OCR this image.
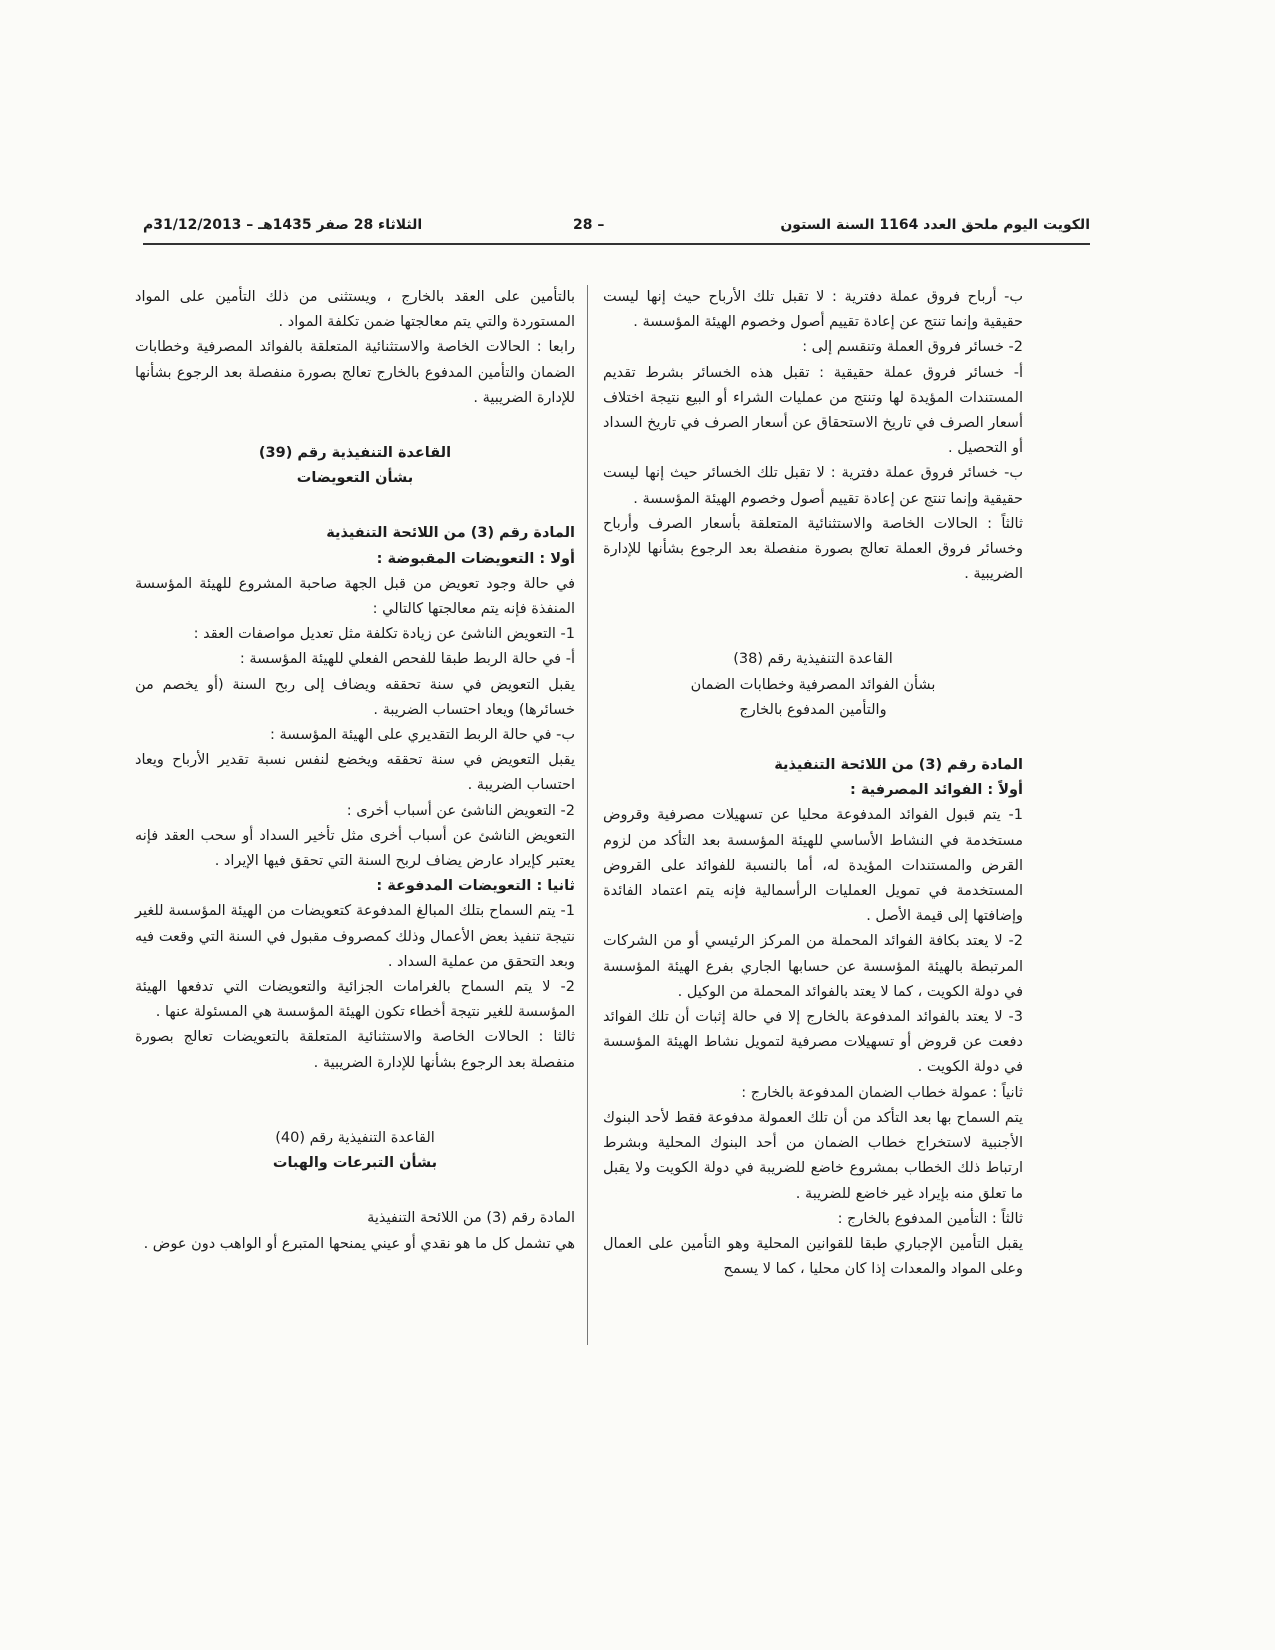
الكويت اليوم ملحق العدد 1164 السنة الستون
– 28
الثلاثاء 28 صفر 1435هـ – 31/12/2013م

ب- أرباح فروق عملة دفترية : لا تقبل تلك الأرباح حيث إنها ليست حقيقية وإنما تنتج عن إعادة تقييم أصول وخصوم الهيئة المؤسسة .

2- خسائر فروق العملة وتنقسم إلى :

أ- خسائر فروق عملة حقيقية : تقبل هذه الخسائر بشرط تقديم المستندات المؤيدة لها وتنتج من عمليات الشراء أو البيع نتيجة اختلاف أسعار الصرف في تاريخ الاستحقاق عن أسعار الصرف في تاريخ السداد أو التحصيل .

ب- خسائر فروق عملة دفترية : لا تقبل تلك الخسائر حيث إنها ليست حقيقية وإنما تنتج عن إعادة تقييم أصول وخصوم الهيئة المؤسسة .

ثالثاً : الحالات الخاصة والاستثنائية المتعلقة بأسعار الصرف وأرباح وخسائر فروق العملة تعالج بصورة منفصلة بعد الرجوع بشأنها للإدارة الضريبية .

القاعدة التنفيذية رقم (38)

بشأن الفوائد المصرفية وخطابات الضمان

والتأمين المدفوع بالخارج

المادة رقم (3) من اللائحة التنفيذية

أولاً : الفوائد المصرفية :

1- يتم قبول الفوائد المدفوعة محليا عن تسهيلات مصرفية وقروض مستخدمة في النشاط الأساسي للهيئة المؤسسة بعد التأكد من لزوم القرض والمستندات المؤيدة له، أما بالنسبة للفوائد على القروض المستخدمة في تمويل العمليات الرأسمالية فإنه يتم اعتماد الفائدة وإضافتها إلى قيمة الأصل .

2- لا يعتد بكافة الفوائد المحملة من المركز الرئيسي أو من الشركات المرتبطة بالهيئة المؤسسة عن حسابها الجاري بفرع الهيئة المؤسسة في دولة الكويت ، كما لا يعتد بالفوائد المحملة من الوكيل .

3- لا يعتد بالفوائد المدفوعة بالخارج إلا في حالة إثبات أن تلك الفوائد دفعت عن قروض أو تسهيلات مصرفية لتمويل نشاط الهيئة المؤسسة في دولة الكويت .

ثانياً : عمولة خطاب الضمان المدفوعة بالخارج :

يتم السماح بها بعد التأكد من أن تلك العمولة مدفوعة فقط لأحد البنوك الأجنبية لاستخراج خطاب الضمان من أحد البنوك المحلية وبشرط ارتباط ذلك الخطاب بمشروع خاضع للضريبة في دولة الكويت ولا يقبل ما تعلق منه بإيراد غير خاضع للضريبة .

ثالثاً : التأمين المدفوع بالخارج :

يقبل التأمين الإجباري طبقا للقوانين المحلية وهو التأمين على العمال وعلى المواد والمعدات إذا كان محليا ، كما لا يسمح

بالتأمين على العقد بالخارج ، ويستثنى من ذلك التأمين على المواد المستوردة والتي يتم معالجتها ضمن تكلفة المواد .

رابعا : الحالات الخاصة والاستثنائية المتعلقة بالفوائد المصرفية وخطابات الضمان والتأمين المدفوع بالخارج تعالج بصورة منفصلة بعد الرجوع بشأنها للإدارة الضريبية .

القاعدة التنفيذية رقم (39)

بشأن التعويضات

المادة رقم (3) من اللائحة التنفيذية

أولا : التعويضات المقبوضة :

في حالة وجود تعويض من قبل الجهة صاحبة المشروع للهيئة المؤسسة المنفذة فإنه يتم معالجتها كالتالي :

1- التعويض الناشئ عن زيادة تكلفة مثل تعديل مواصفات العقد :

أ- في حالة الربط طبقا للفحص الفعلي للهيئة المؤسسة :

يقبل التعويض في سنة تحققه ويضاف إلى ربح السنة (أو يخصم من خسائرها) ويعاد احتساب الضريبة .

ب- في حالة الربط التقديري على الهيئة المؤسسة :

يقبل التعويض في سنة تحققه ويخضع لنفس نسبة تقدير الأرباح ويعاد احتساب الضريبة .

2- التعويض الناشئ عن أسباب أخرى :

التعويض الناشئ عن أسباب أخرى مثل تأخير السداد أو سحب العقد فإنه يعتبر كإيراد عارض يضاف لربح السنة التي تحقق فيها الإيراد .

ثانيا : التعويضات المدفوعة :

1- يتم السماح بتلك المبالغ المدفوعة كتعويضات من الهيئة المؤسسة للغير نتيجة تنفيذ بعض الأعمال وذلك كمصروف مقبول في السنة التي وقعت فيه وبعد التحقق من عملية السداد .

2- لا يتم السماح بالغرامات الجزائية والتعويضات التي تدفعها الهيئة المؤسسة للغير نتيجة أخطاء تكون الهيئة المؤسسة هي المسئولة عنها .

ثالثا : الحالات الخاصة والاستثنائية المتعلقة بالتعويضات تعالج بصورة منفصلة بعد الرجوع بشأنها للإدارة الضريبية .

القاعدة التنفيذية رقم (40)

بشأن التبرعات والهبات

المادة رقم (3) من اللائحة التنفيذية

هي تشمل كل ما هو نقدي أو عيني يمنحها المتبرع أو الواهب دون عوض .
